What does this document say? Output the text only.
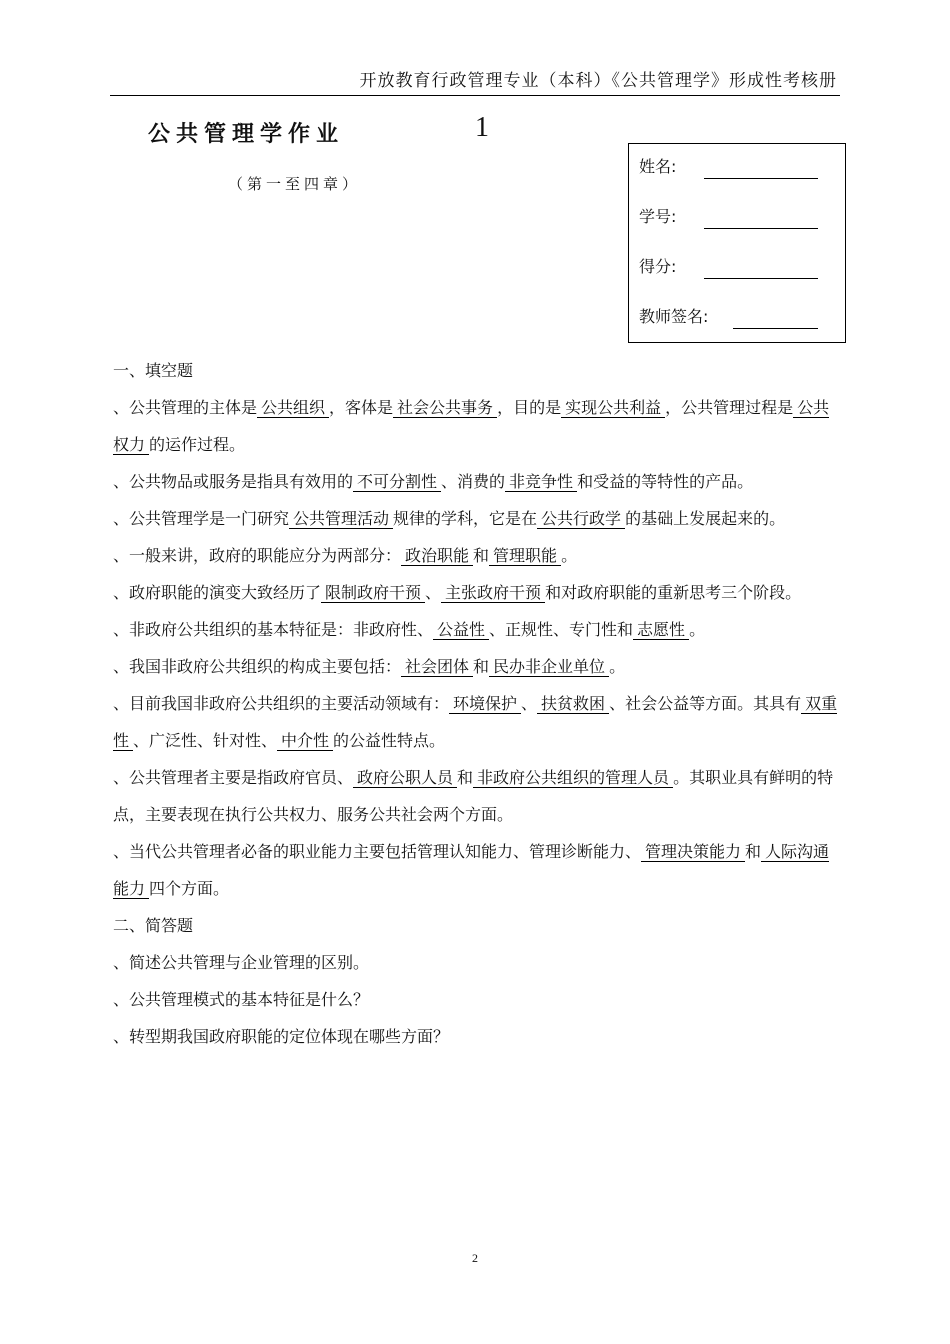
开放教育行政管理专业（本科）《公共管理学》形成性考核册
公共管理学作业	1
（第一至四章）
姓名:
学号:
得分:
教师签名:

一、填空题

、公共管理的主体是 公共组织 ，客体是 社会公共事务 ，目的是 实现公共利益 ，公共管理过程是 公共权力 的运作过程。

、公共物品或服务是指具有效用的 不可分割性 、消费的 非竞争性 和受益的等特性的产品。

、公共管理学是一门研究 公共管理活动 规律的学科，它是在 公共行政学 的基础上发展起来的。

、一般来讲，政府的职能应分为两部分： 政治职能 和 管理职能 。

、政府职能的演变大致经历了 限制政府干预 、 主张政府干预 和对政府职能的重新思考三个阶段。

、非政府公共组织的基本特征是：非政府性、 公益性 、正规性、专门性和 志愿性 。

、我国非政府公共组织的构成主要包括： 社会团体 和 民办非企业单位 。

、目前我国非政府公共组织的主要活动领域有： 环境保护 、 扶贫救困 、社会公益等方面。其具有 双重性 、广泛性、针对性、 中介性 的公益性特点。

、公共管理者主要是指政府官员、 政府公职人员 和 非政府公共组织的管理人员 。其职业具有鲜明的特点，主要表现在执行公共权力、服务公共社会两个方面。

、当代公共管理者必备的职业能力主要包括管理认知能力、管理诊断能力、 管理决策能力 和 人际沟通能力 四个方面。

二、简答题

、简述公共管理与企业管理的区别。

、公共管理模式的基本特征是什么？

、转型期我国政府职能的定位体现在哪些方面？

2
